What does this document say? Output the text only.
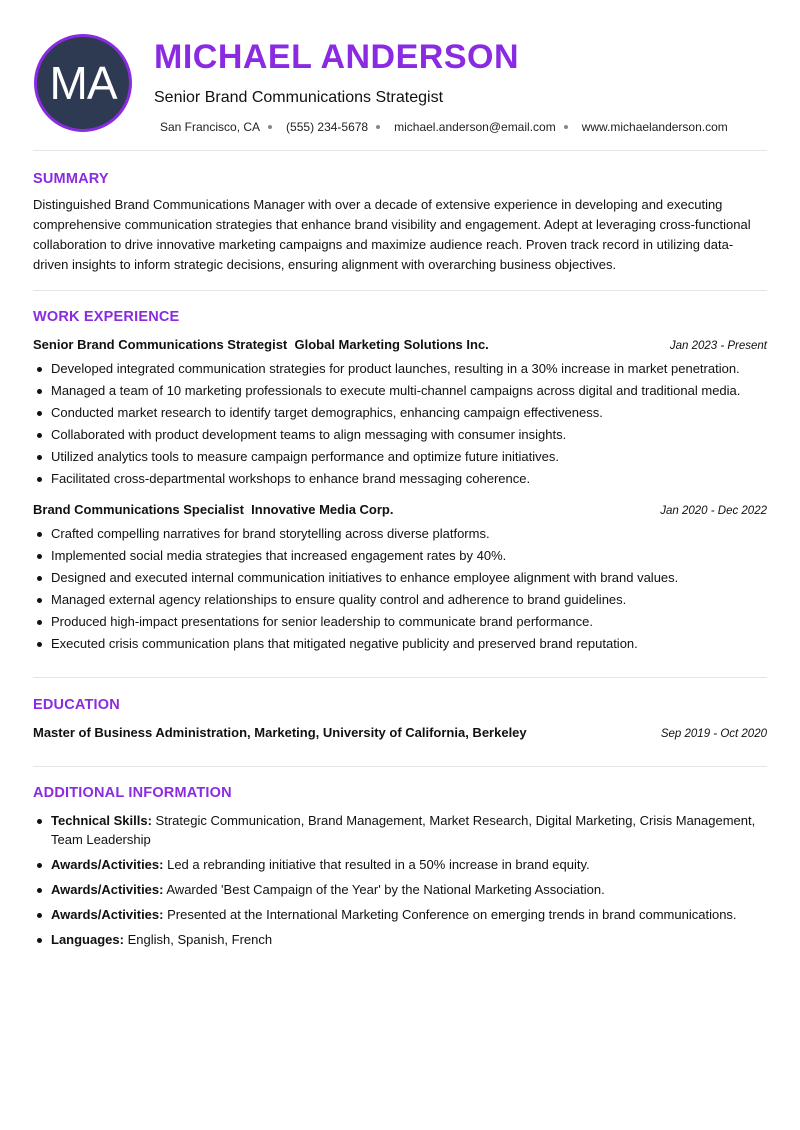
MA	MICHAEL ANDERSON
Senior Brand Communications Strategist
San Francisco, CA (555) 234-5678 michael.anderson@email.com www.michaelanderson.com
SUMMARY

Distinguished Brand Communications Manager with over a decade of extensive experience in developing and executing comprehensive communication strategies that enhance brand visibility and engagement. Adept at leveraging cross-functional collaboration to drive innovative marketing campaigns and maximize audience reach. Proven track record in utilizing data-driven insights to inform strategic decisions, ensuring alignment with overarching business objectives.

WORK EXPERIENCE
Senior Brand Communications Strategist Global Marketing Solutions Inc.	Jan 2023 - Present
Developed integrated communication strategies for product launches, resulting in a 30% increase in market penetration.
Managed a team of 10 marketing professionals to execute multi-channel campaigns across digital and traditional media.
Conducted market research to identify target demographics, enhancing campaign effectiveness.
Collaborated with product development teams to align messaging with consumer insights.
Utilized analytics tools to measure campaign performance and optimize future initiatives.
Facilitated cross-departmental workshops to enhance brand messaging coherence.
Brand Communications Specialist Innovative Media Corp.	Jan 2020 - Dec 2022
Crafted compelling narratives for brand storytelling across diverse platforms.
Implemented social media strategies that increased engagement rates by 40%.
Designed and executed internal communication initiatives to enhance employee alignment with brand values.
Managed external agency relationships to ensure quality control and adherence to brand guidelines.
Produced high-impact presentations for senior leadership to communicate brand performance.
Executed crisis communication plans that mitigated negative publicity and preserved brand reputation.
EDUCATION
Master of Business Administration, Marketing, University of California, Berkeley	Sep 2019 - Oct 2020
ADDITIONAL INFORMATION
Technical Skills: Strategic Communication, Brand Management, Market Research, Digital Marketing, Crisis Management, Team Leadership
Awards/Activities: Led a rebranding initiative that resulted in a 50% increase in brand equity.
Awards/Activities: Awarded 'Best Campaign of the Year' by the National Marketing Association.
Awards/Activities: Presented at the International Marketing Conference on emerging trends in brand communications.
Languages: English, Spanish, French
